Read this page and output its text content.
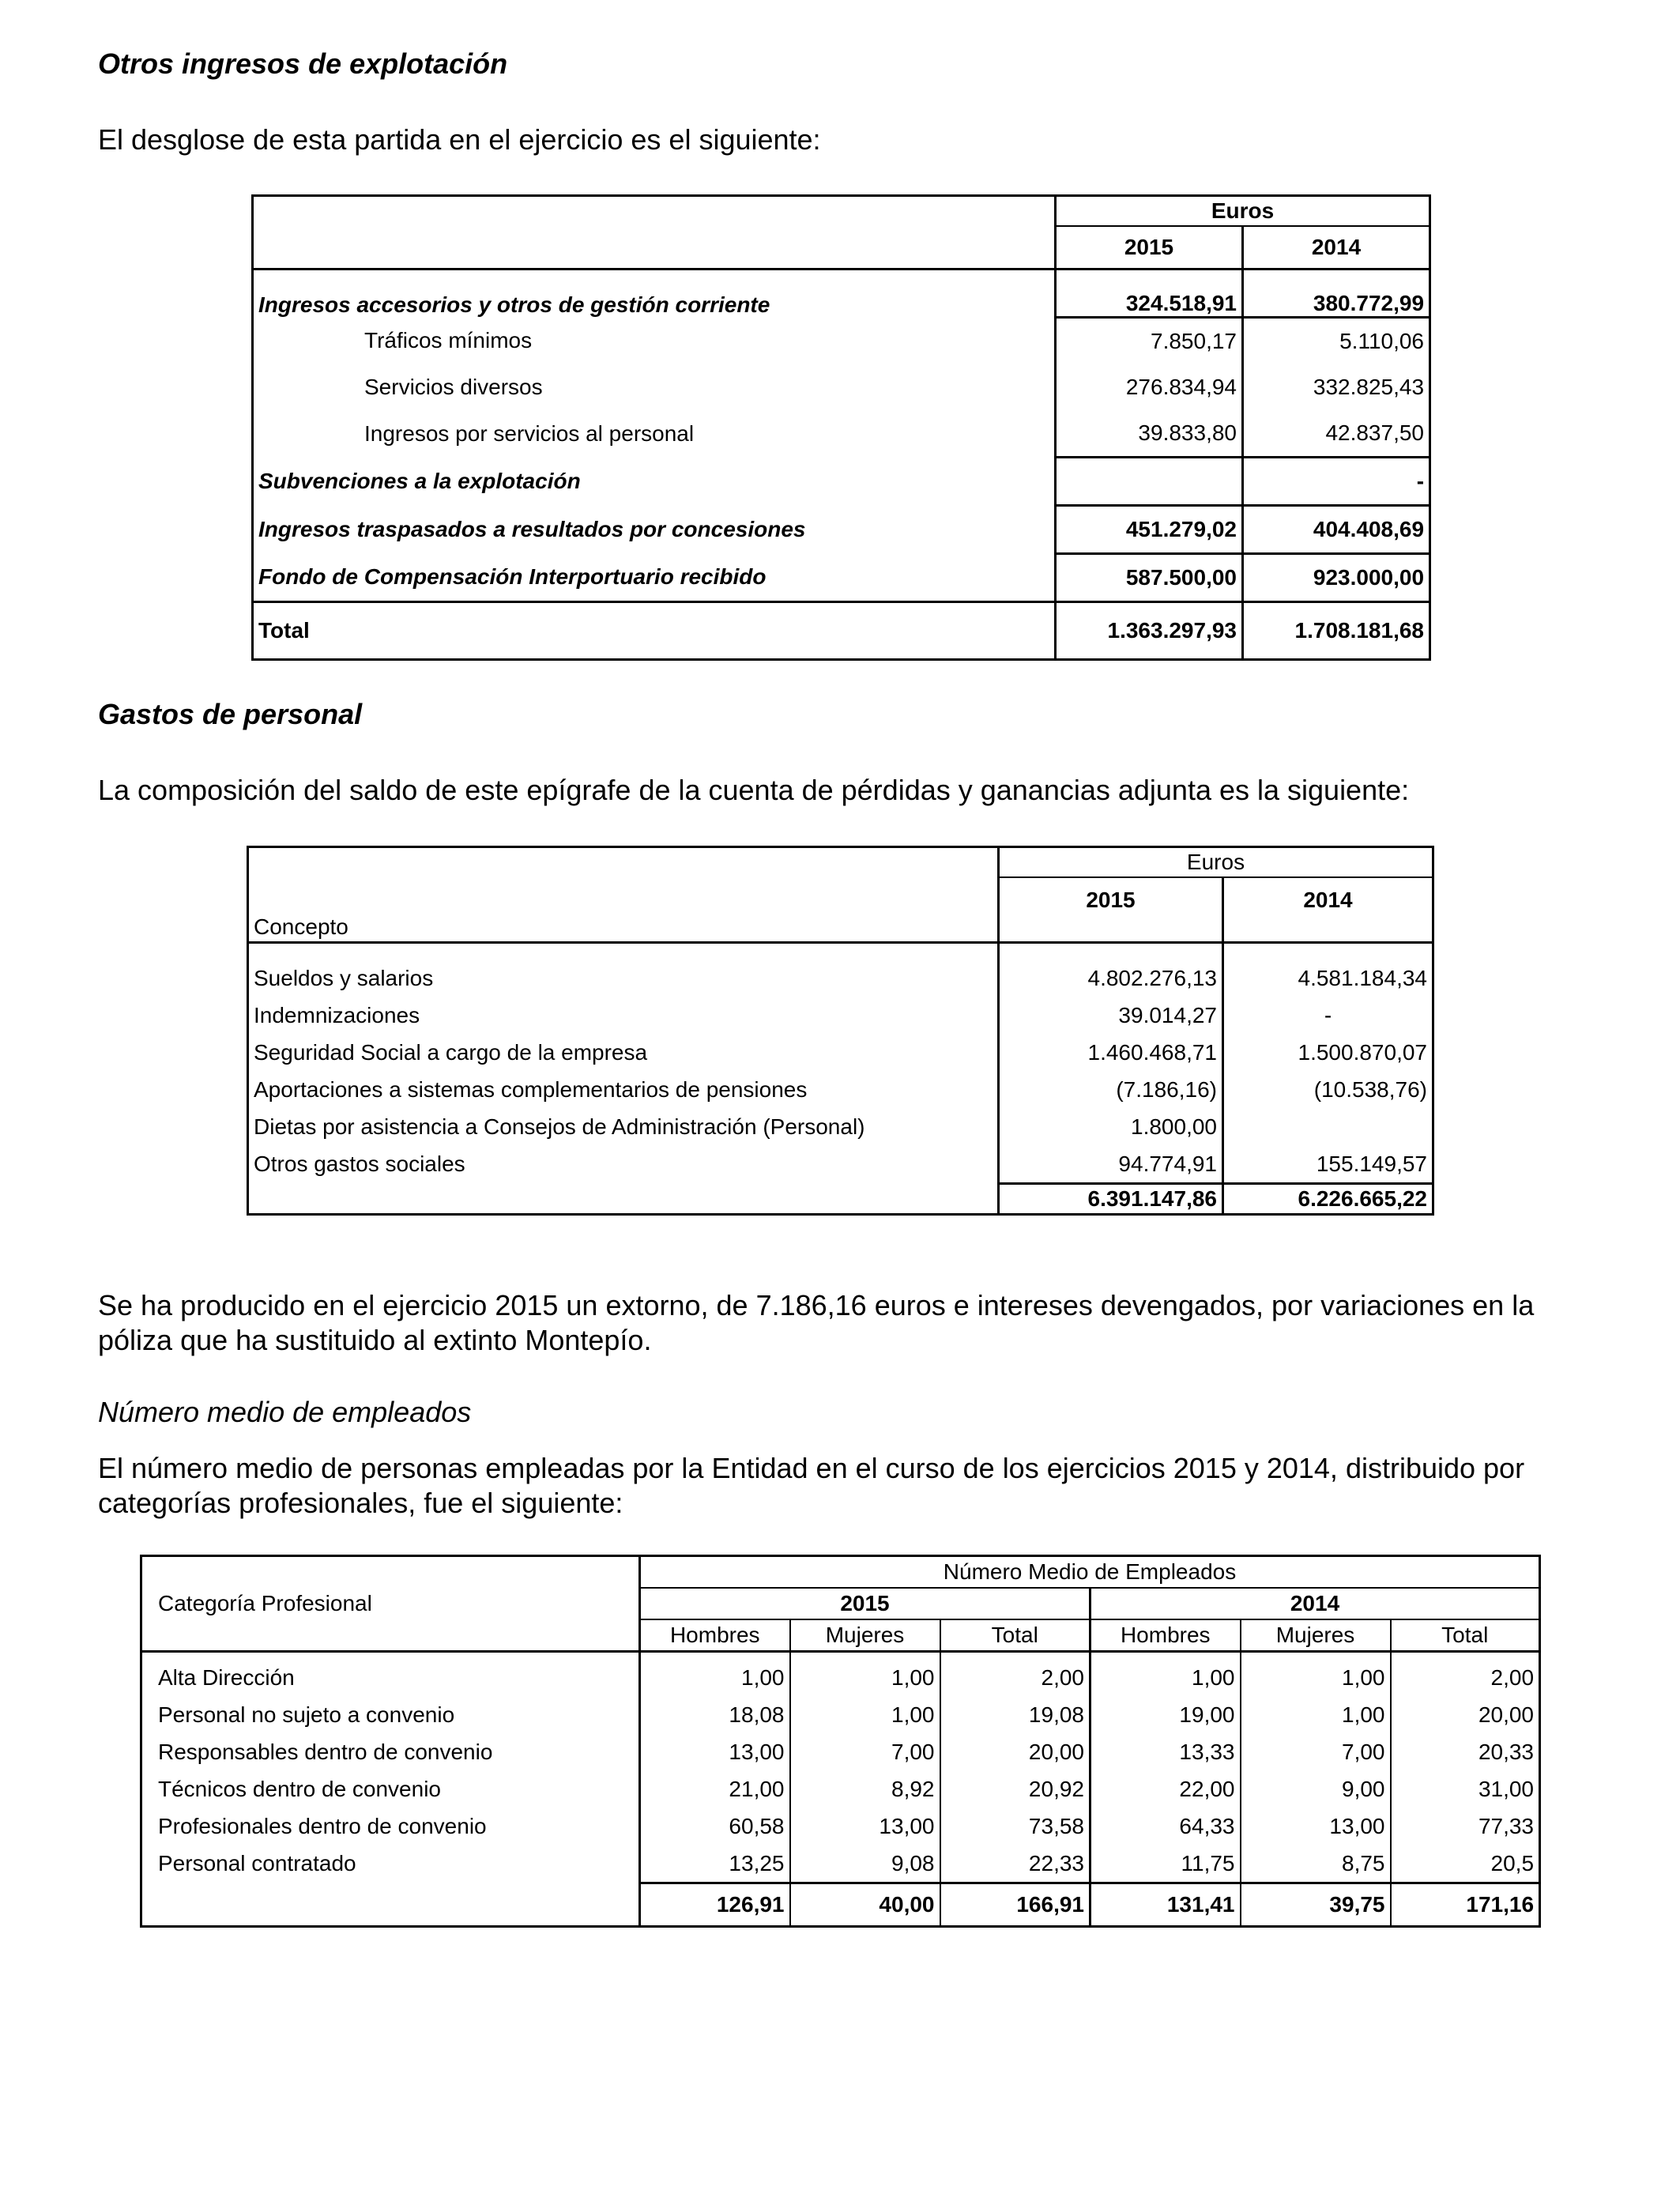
Otros ingresos de explotación
El desglose de esta partida en el ejercicio es el siguiente:
	Euros	
	2015	2014
Ingresos accesorios y otros de gestión corriente	324.518,91	380.772,99
Tráficos mínimos	7.850,17	5.110,06
Servicios diversos	276.834,94	332.825,43
Ingresos por servicios al personal	39.833,80	42.837,50
Subvenciones a la explotación		-
Ingresos traspasados a resultados por concesiones	451.279,02	404.408,69
Fondo de Compensación Interportuario recibido	587.500,00	923.000,00
Total	1.363.297,93	1.708.181,68
Gastos de personal
La composición del saldo de este epígrafe de la cuenta de pérdidas y ganancias adjunta es la siguiente:
Concepto	Euros	
	2015	2014

Sueldos y salarios	4.802.276,13	4.581.184,34
Indemnizaciones	39.014,27	-
Seguridad Social a cargo de la empresa	1.460.468,71	1.500.870,07
Aportaciones a sistemas complementarios de pensiones	(7.186,16)	(10.538,76)
Dietas por asistencia a Consejos de Administración (Personal)	1.800,00	
Otros gastos sociales	94.774,91	155.149,57
	6.391.147,86	6.226.665,22
Se ha producido en el ejercicio 2015 un extorno, de 7.186,16 euros e intereses devengados, por variaciones en la póliza que ha sustituido al extinto Montepío.
Número medio de empleados
El número medio de personas empleadas por la Entidad en el curso de los ejercicios 2015 y 2014, distribuido por categorías profesionales, fue el siguiente:
Categoría Profesional	Número Medio de Empleados					
	2015			2014		
	Hombres	Mujeres	Total	Hombres	Mujeres	Total

Alta Dirección	1,00	1,00	2,00	1,00	1,00	2,00
Personal no sujeto a convenio	18,08	1,00	19,08	19,00	1,00	20,00
Responsables dentro de convenio	13,00	7,00	20,00	13,33	7,00	20,33
Técnicos dentro de convenio	21,00	8,92	20,92	22,00	9,00	31,00
Profesionales dentro de convenio	60,58	13,00	73,58	64,33	13,00	77,33
Personal contratado	13,25	9,08	22,33	11,75	8,75	20,5
	126,91	40,00	166,91	131,41	39,75	171,16
